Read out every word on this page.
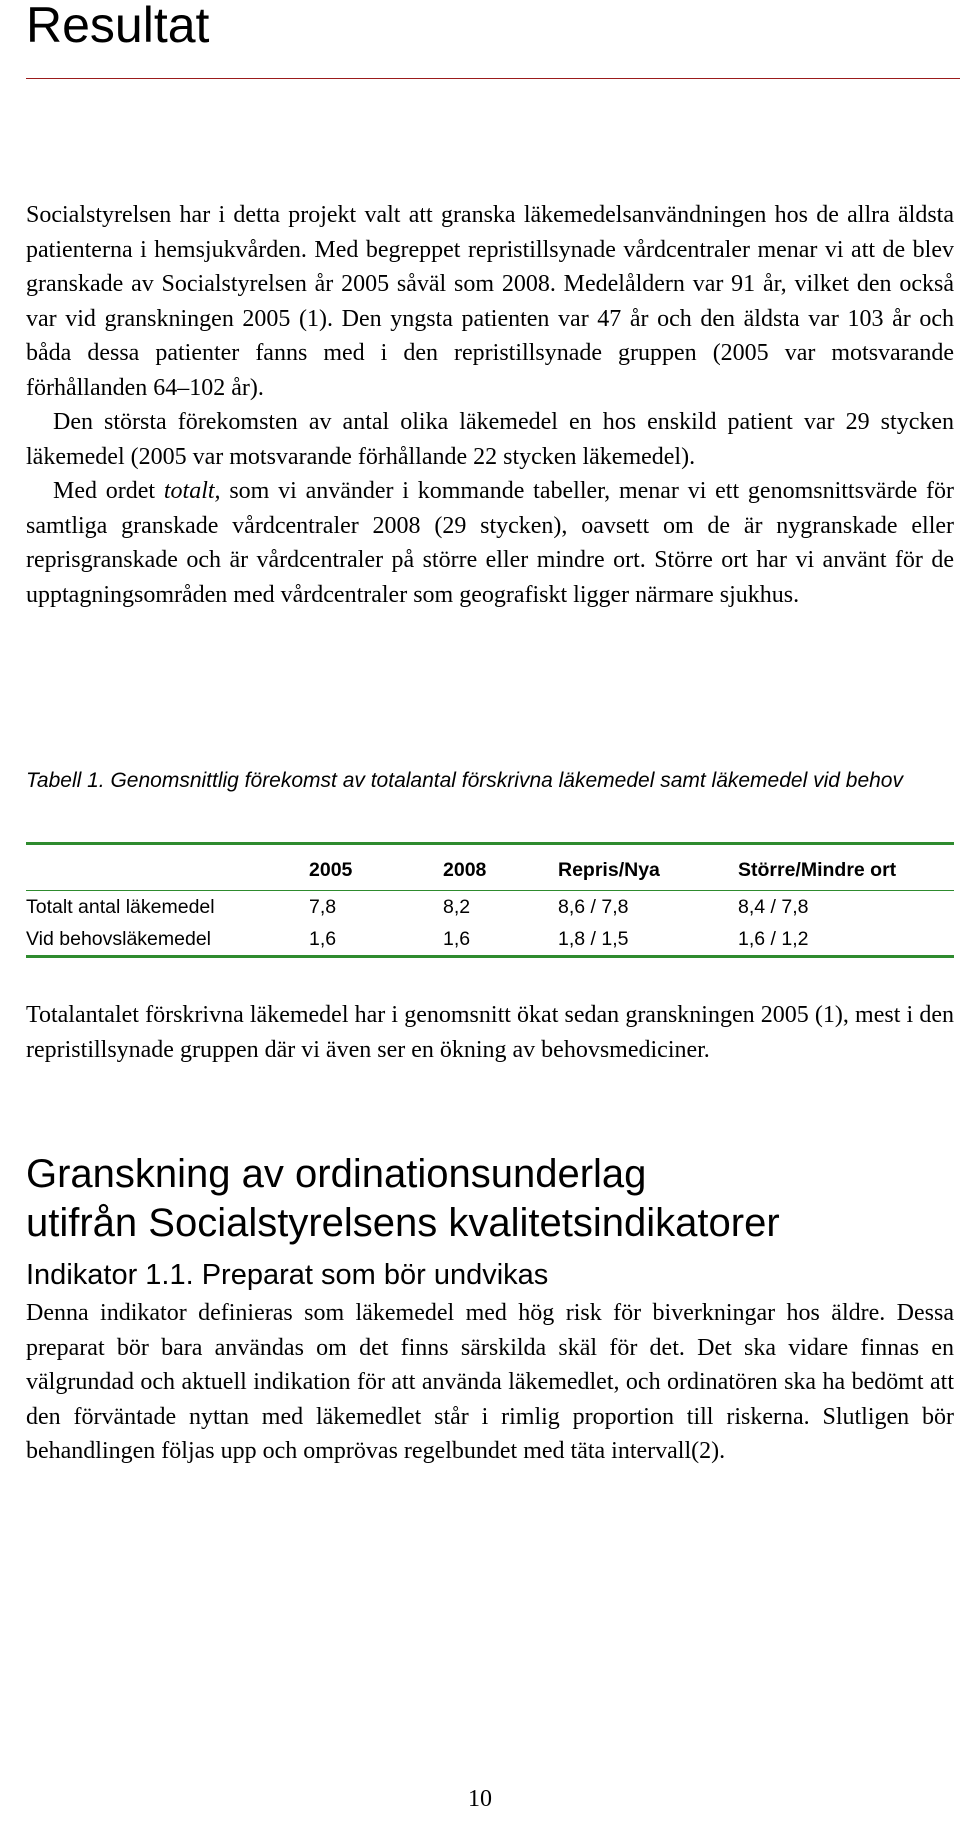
Resultat

Socialstyrelsen har i detta projekt valt att granska läkemedelsanvändningen hos de allra äldsta patienterna i hemsjukvården. Med begreppet repristillsynade vårdcentraler menar vi att de blev granskade av Socialstyrelsen år 2005 såväl som 2008. Medelåldern var 91 år, vilket den också var vid granskningen 2005 (1). Den yngsta patienten var 47 år och den äldsta var 103 år och båda dessa patienter fanns med i den repristillsynade gruppen (2005 var motsvarande förhållanden 64–102 år).

Den största förekomsten av antal olika läkemedel en hos enskild patient var 29 stycken läkemedel (2005 var motsvarande förhållande 22 stycken läkemedel).

Med ordet totalt, som vi använder i kommande tabeller, menar vi ett genomsnittsvärde för samtliga granskade vårdcentraler 2008 (29 stycken), oavsett om de är nygranskade eller reprisgranskade och är vårdcentraler på större eller mindre ort. Större ort har vi använt för de upptagningsområden med vårdcentraler som geografiskt ligger närmare sjukhus.

Tabell 1. Genomsnittlig förekomst av totalantal förskrivna läkemedel samt läkemedel vid behov

	2005	2008	Repris/Nya	Större/Mindre ort
Totalt antal läkemedel	7,8	8,2	8,6 / 7,8	8,4 / 7,8
Vid behovsläkemedel	1,6	1,6	1,8 / 1,5	1,6 / 1,2

Totalantalet förskrivna läkemedel har i genomsnitt ökat sedan granskningen 2005 (1), mest i den repristillsynade gruppen där vi även ser en ökning av behovsmediciner.

Granskning av ordinationsunderlag
utifrån Socialstyrelsens kvalitetsindikatorer
Indikator 1.1. Preparat som bör undvikas

Denna indikator definieras som läkemedel med hög risk för biverkningar hos äldre. Dessa preparat bör bara användas om det finns särskilda skäl för det. Det ska vidare finnas en välgrundad och aktuell indikation för att använda läkemedlet, och ordinatören ska ha bedömt att den förväntade nyttan med läkemedlet står i rimlig proportion till riskerna. Slutligen bör behandlingen följas upp och omprövas regelbundet med täta intervall(2).

10
